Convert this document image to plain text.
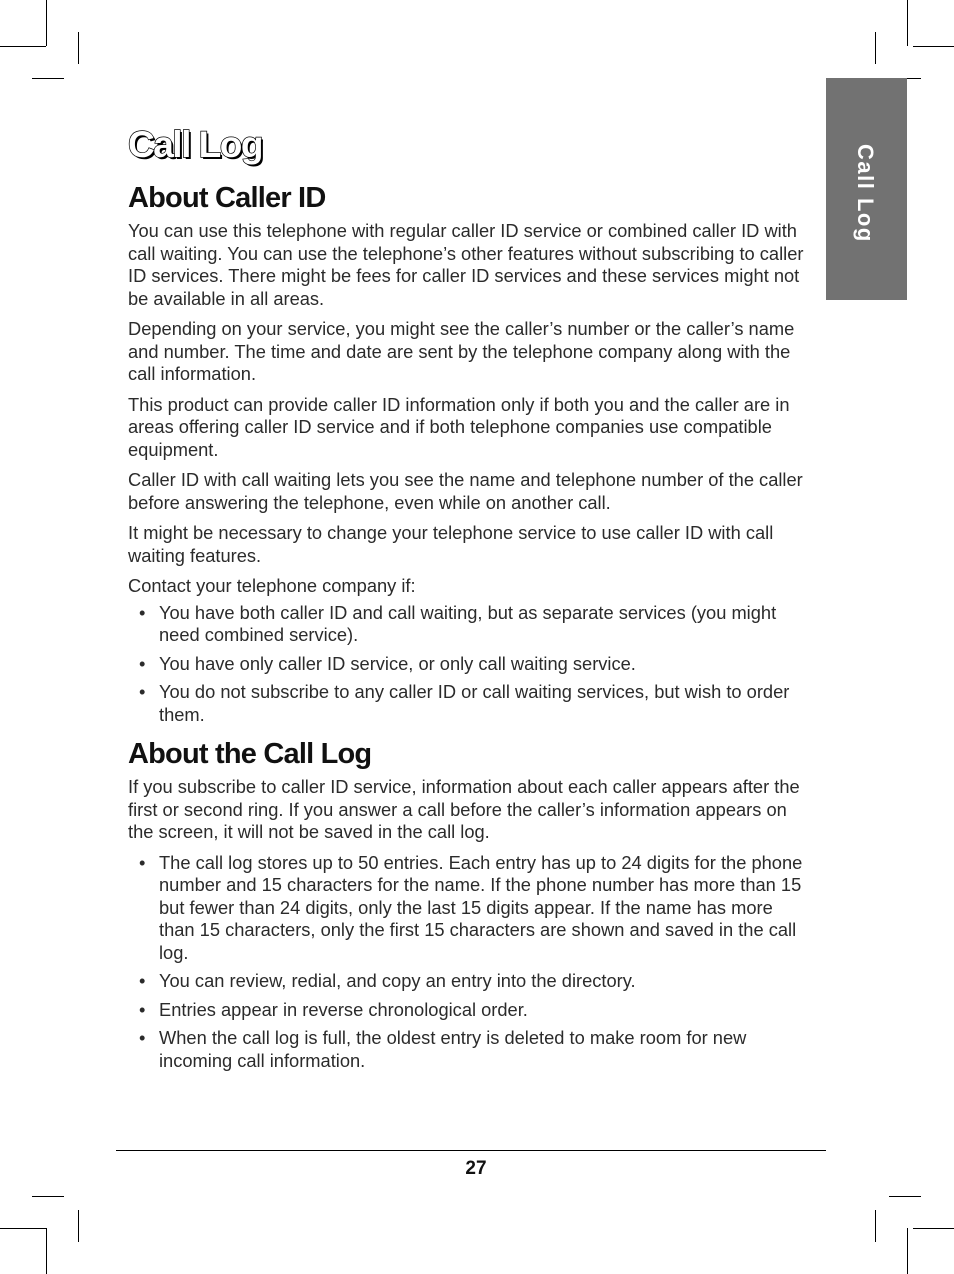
Call Log
Call Log
About Caller ID

You can use this telephone with regular caller ID service or combined caller ID with call waiting. You can use the telephone’s other features without subscribing to caller ID services. There might be fees for caller ID services and these services might not be available in all areas.

Depending on your service, you might see the caller’s number or the caller’s name and number. The time and date are sent by the telephone company along with the call information.

This product can provide caller ID information only if both you and the caller are in areas offering caller ID service and if both telephone companies use compatible equipment.

Caller ID with call waiting lets you see the name and telephone number of the caller before answering the telephone, even while on another call.

It might be necessary to change your telephone service to use caller ID with call waiting features.

Contact your telephone company if:

• You have both caller ID and call waiting, but as separate services (you might need combined service).
• You have only caller ID service, or only call waiting service.
• You do not subscribe to any caller ID or call waiting services, but wish to order them.
About the Call Log

If you subscribe to caller ID service, information about each caller appears after the first or second ring. If you answer a call before the caller’s information appears on the screen, it will not be saved in the call log.

• The call log stores up to 50 entries. Each entry has up to 24 digits for the phone number and 15 characters for the name. If the phone number has more than 15 but fewer than 24 digits, only the last 15 digits appear. If the name has more than 15 characters, only the first 15 characters are shown and saved in the call log.
• You can review, redial, and copy an entry into the directory.
• Entries appear in reverse chronological order.
• When the call log is full, the oldest entry is deleted to make room for new incoming call information.
27
